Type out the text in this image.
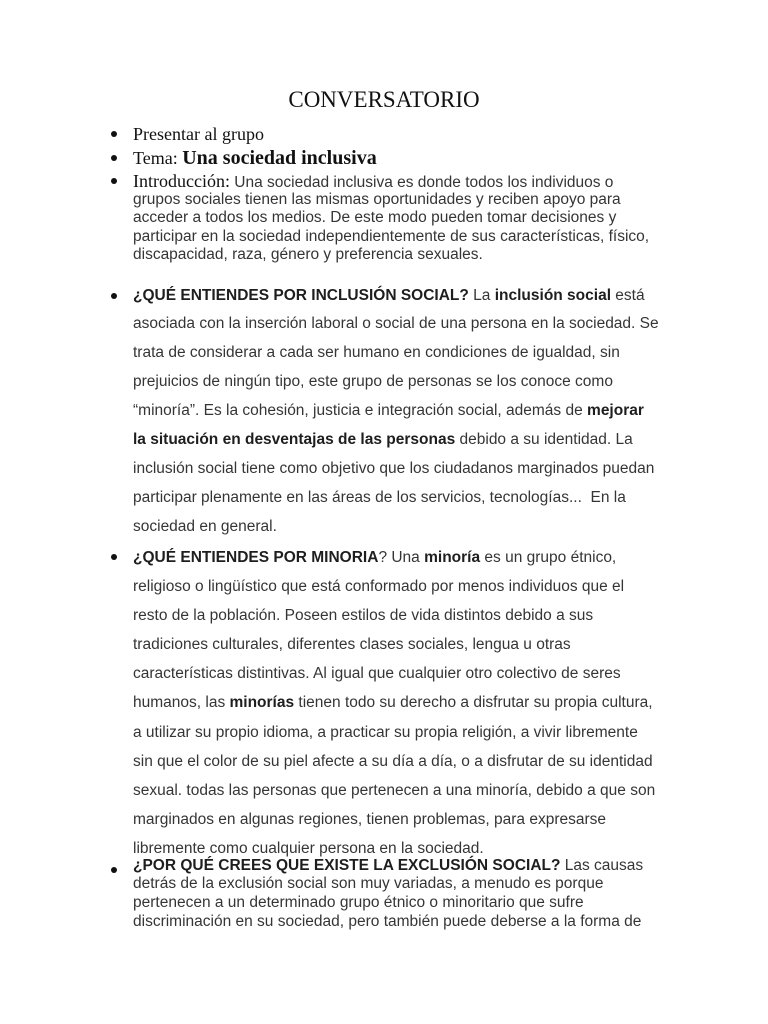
CONVERSATORIO
Presentar al grupo
Tema: Una sociedad inclusiva
Introducción: Una sociedad inclusiva es donde todos los individuos o
grupos sociales tienen las mismas oportunidades y reciben apoyo para
acceder a todos los medios. De este modo pueden tomar decisiones y
participar en la sociedad independientemente de sus características, físico,
discapacidad, raza, género y preferencia sexuales.
¿QUÉ ENTIENDES POR INCLUSIÓN SOCIAL? La inclusión social está
asociada con la inserción laboral o social de una persona en la sociedad. Se
trata de considerar a cada ser humano en condiciones de igualdad, sin
prejuicios de ningún tipo, este grupo de personas se los conoce como
“minoría”. Es la cohesión, justicia e integración social, además de mejorar
la situación en desventajas de las personas debido a su identidad. La
inclusión social tiene como objetivo que los ciudadanos marginados puedan
participar plenamente en las áreas de los servicios, tecnologías...  En la
sociedad en general.
¿QUÉ ENTIENDES POR MINORIA? Una minoría es un grupo étnico,
religioso o lingüístico que está conformado por menos individuos que el
resto de la población. Poseen estilos de vida distintos debido a sus
tradiciones culturales, diferentes clases sociales, lengua u otras
características distintivas. Al igual que cualquier otro colectivo de seres
humanos, las minorías tienen todo su derecho a disfrutar su propia cultura,
a utilizar su propio idioma, a practicar su propia religión, a vivir libremente
sin que el color de su piel afecte a su día a día, o a disfrutar de su identidad
sexual. todas las personas que pertenecen a una minoría, debido a que son
marginados en algunas regiones, tienen problemas, para expresarse
libremente como cualquier persona en la sociedad.
¿POR QUÉ CREES QUE EXISTE LA EXCLUSIÓN SOCIAL? Las causas
detrás de la exclusión social son muy variadas, a menudo es porque
pertenecen a un determinado grupo étnico o minoritario que sufre
discriminación en su sociedad, pero también puede deberse a la forma de
